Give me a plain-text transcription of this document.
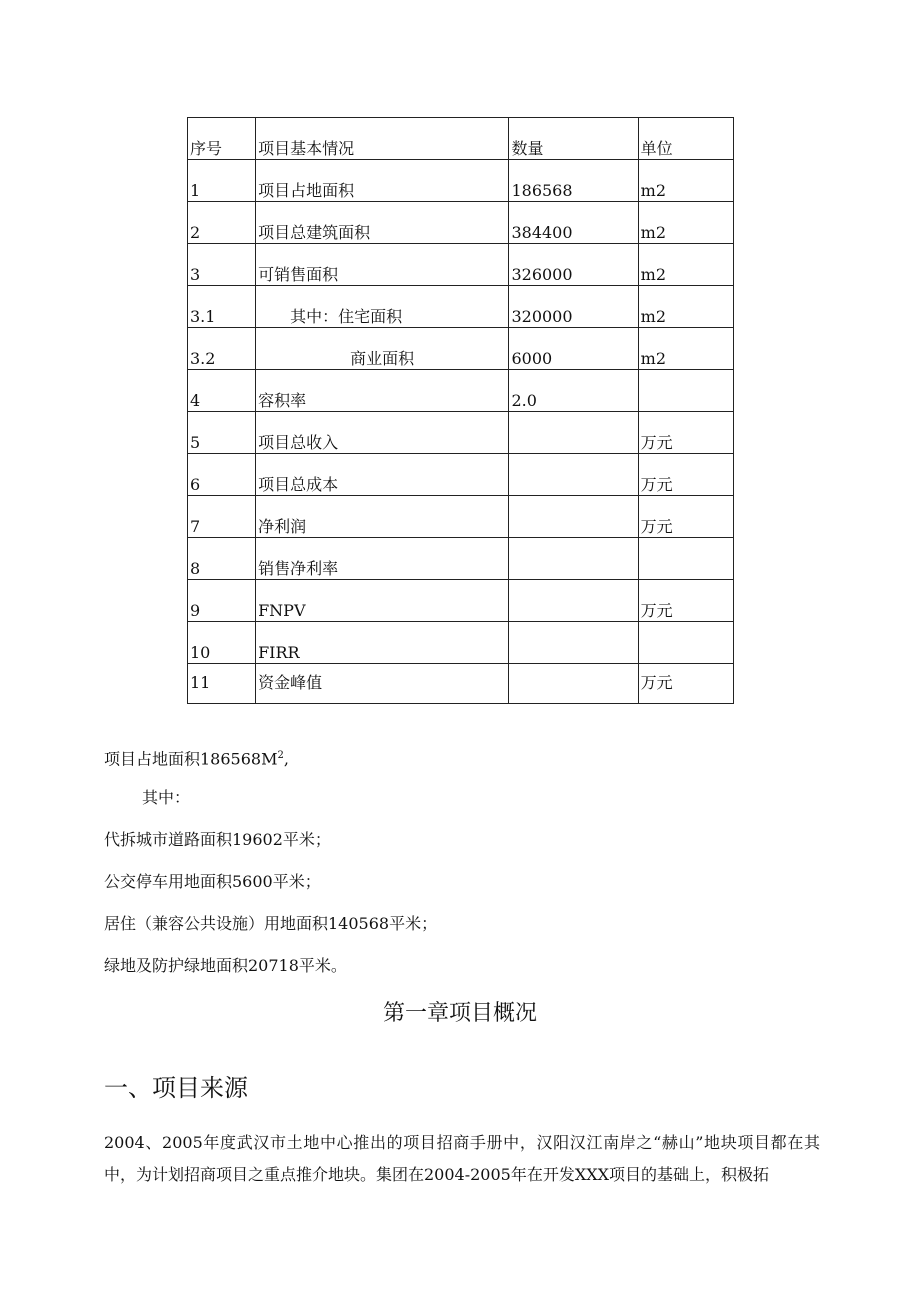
序号	项目基本情况	数量	单位
1	项目占地面积	186568	m2
2	项目总建筑面积	384400	m2
3	可销售面积	326000	m2
3.1	其中：住宅面积	320000	m2
3.2	商业面积	6000	m2
4	容积率	2.0	
5	项目总收入		万元
6	项目总成本		万元
7	净利润		万元
8	销售净利率		
9	FNPV		万元
10	FIRR		
11	资金峰值		万元
项目占地面积$186568M^2$,
其中：
代拆城市道路面积19602平米；
公交停车用地面积5600平米；
居住（兼容公共设施）用地面积140568平米；
绿地及防护绿地面积20718平米。
第一章项目概况
一、项目来源
2004、2005年度武汉市土地中心推出的项目招商手册中，汉阳汉江南岸之“赫山”地块项目都在其中，为计划招商项目之重点推介地块。集团在2004-2005年在开发XXX项目的基础上，积极拓
